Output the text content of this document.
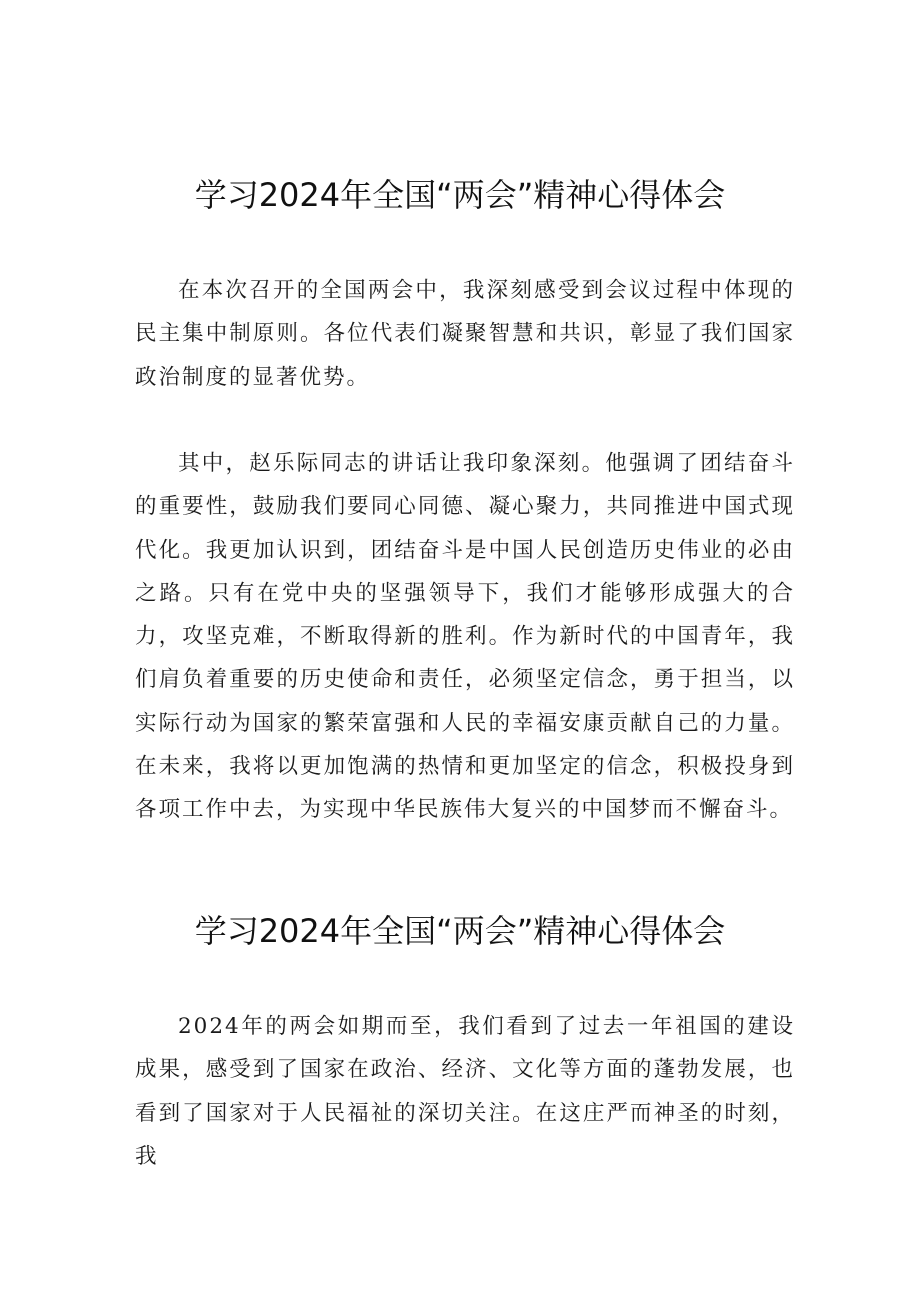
学习2024年全国“两会”精神心得体会

在本次召开的全国两会中，我深刻感受到会议过程中体现的民主集中制原则。各位代表们凝聚智慧和共识，彰显了我们国家政治制度的显著优势。

其中，赵乐际同志的讲话让我印象深刻。他强调了团结奋斗的重要性，鼓励我们要同心同德、凝心聚力，共同推进中国式现代化。我更加认识到，团结奋斗是中国人民创造历史伟业的必由之路。只有在党中央的坚强领导下，我们才能够形成强大的合力，攻坚克难，不断取得新的胜利。作为新时代的中国青年，我们肩负着重要的历史使命和责任，必须坚定信念，勇于担当，以实际行动为国家的繁荣富强和人民的幸福安康贡献自己的力量。在未来，我将以更加饱满的热情和更加坚定的信念，积极投身到各项工作中去，为实现中华民族伟大复兴的中国梦而不懈奋斗。

学习2024年全国“两会”精神心得体会

2024年的两会如期而至，我们看到了过去一年祖国的建设成果，感受到了国家在政治、经济、文化等方面的蓬勃发展，也看到了国家对于人民福祉的深切关注。在这庄严而神圣的时刻，我
